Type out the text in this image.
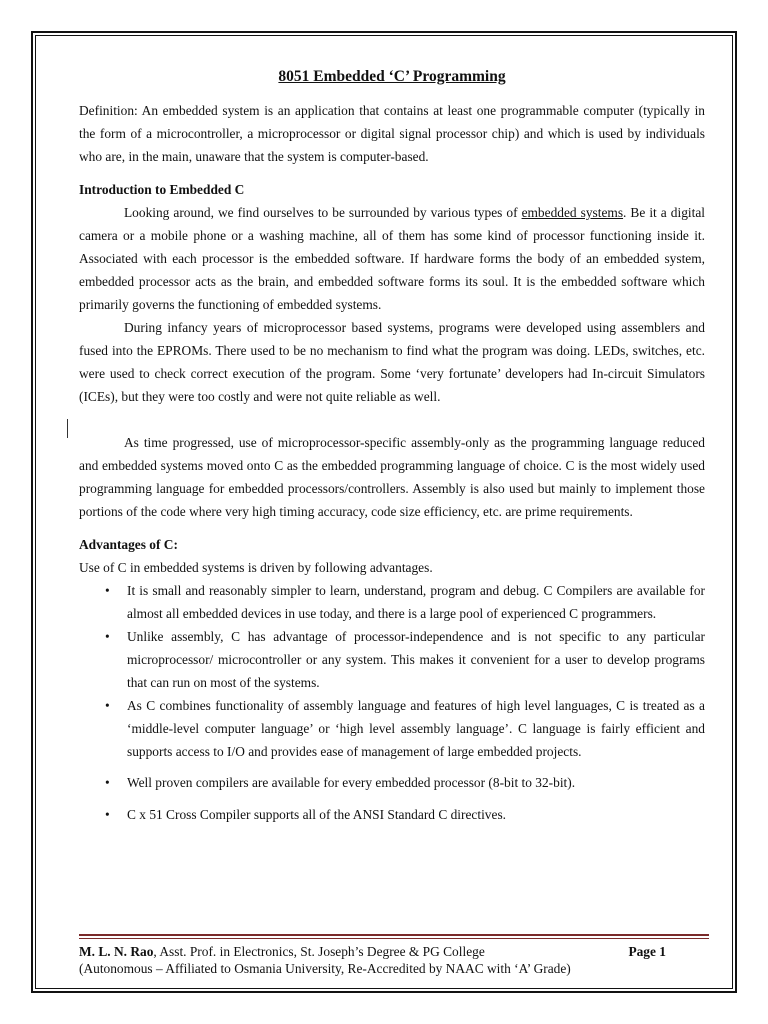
8051 Embedded ‘C’ Programming

Definition: An embedded system is an application that contains at least one programmable computer (typically in the form of a microcontroller, a microprocessor or digital signal processor chip) and which is used by individuals who are, in the main, unaware that the system is computer-based.

Introduction to Embedded C

Looking around, we find ourselves to be surrounded by various types of embedded systems. Be it a digital camera or a mobile phone or a washing machine, all of them has some kind of processor functioning inside it. Associated with each processor is the embedded software. If hardware forms the body of an embedded system, embedded processor acts as the brain, and embedded software forms its soul. It is the embedded software which primarily governs the functioning of embedded systems.

During infancy years of microprocessor based systems, programs were developed using assemblers and fused into the EPROMs. There used to be no mechanism to find what the program was doing. LEDs, switches, etc. were used to check correct execution of the program. Some ‘very fortunate’ developers had In-circuit Simulators (ICEs), but they were too costly and were not quite reliable as well.

As time progressed, use of microprocessor-specific assembly-only as the programming language reduced and embedded systems moved onto C as the embedded programming language of choice. C is the most widely used programming language for embedded processors/controllers. Assembly is also used but mainly to implement those portions of the code where very high timing accuracy, code size efficiency, etc. are prime requirements.

Advantages of C:

Use of C in embedded systems is driven by following advantages.

• It is small and reasonably simpler to learn, understand, program and debug. C Compilers are available for almost all embedded devices in use today, and there is a large pool of experienced C programmers.
• Unlike assembly, C has advantage of processor-independence and is not specific to any particular microprocessor/ microcontroller or any system. This makes it convenient for a user to develop programs that can run on most of the systems.
• As C combines functionality of assembly language and features of high level languages, C is treated as a ‘middle-level computer language’ or ‘high level assembly language’. C language is fairly efficient and supports access to I/O and provides ease of management of large embedded projects.
• Well proven compilers are available for every embedded processor (8-bit to 32-bit).
• C x 51 Cross Compiler supports all of the ANSI Standard C directives.
M. L. N. Rao, Asst. Prof. in Electronics, St. Joseph’s Degree & PG College	Page 1
(Autonomous – Affiliated to Osmania University, Re-Accredited by NAAC with ‘A’ Grade)
